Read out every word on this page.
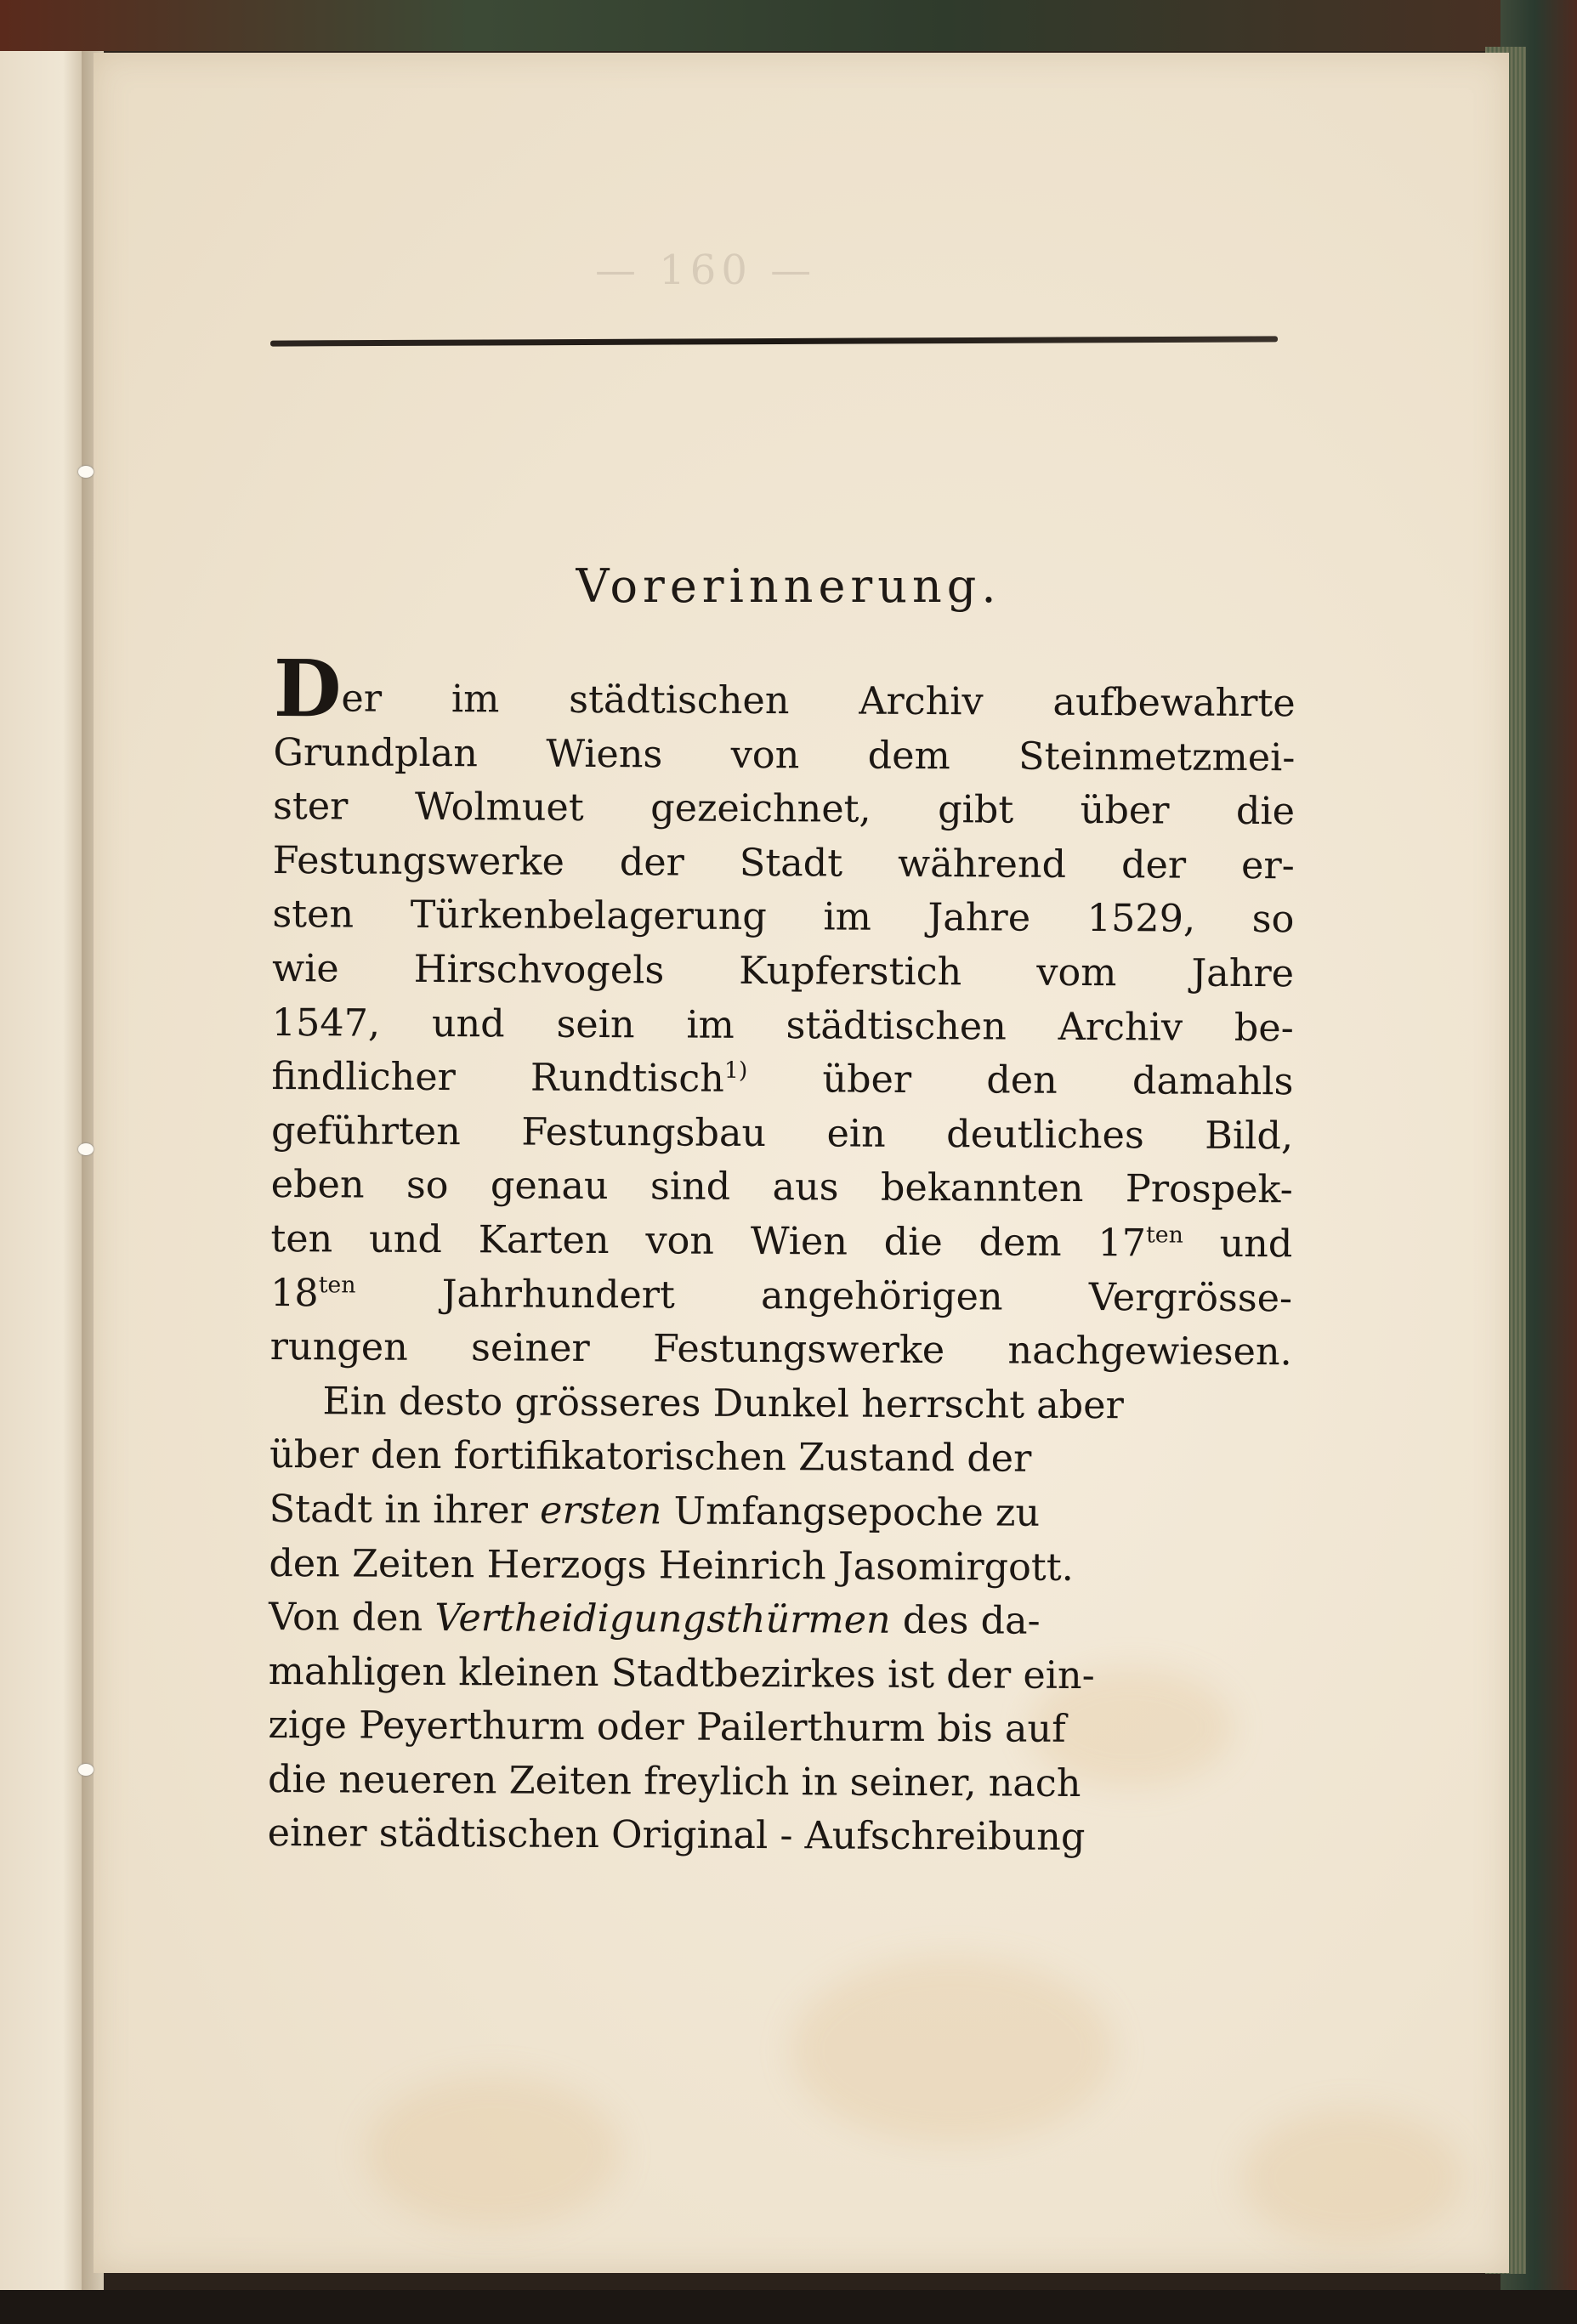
— 160 —
Vorerinnerung.

Der im städtischen Archiv aufbewahrte
Grundplan Wiens von dem Steinmetzmei-
ster Wolmuet gezeichnet, gibt über die
Festungswerke der Stadt während der er-
sten Türkenbelagerung im Jahre 1529, so
wie Hirschvogels Kupferstich vom Jahre
1547, und sein im städtischen Archiv be-
findlicher Rundtisch$^{1)}$ über den damahls
geführten Festungsbau ein deutliches Bild,
eben so genau sind aus bekannten Prospek-
ten und Karten von Wien die dem $17^{ten}$ und
$18^{ten}$ Jahrhundert angehörigen Vergrösse-
rungen seiner Festungswerke nachgewiesen.

Ein desto grösseres Dunkel herrscht aber
über den fortifikatorischen Zustand der
Stadt in ihrer ersten Umfangsepoche zu
den Zeiten Herzogs Heinrich Jasomirgott.
Von den Vertheidigungsthürmen des da-
mahligen kleinen Stadtbezirkes ist der ein-
zige Peyerthurm oder Pailerthurm bis auf
die neueren Zeiten freylich in seiner, nach
einer städtischen Original - Aufschreibung
